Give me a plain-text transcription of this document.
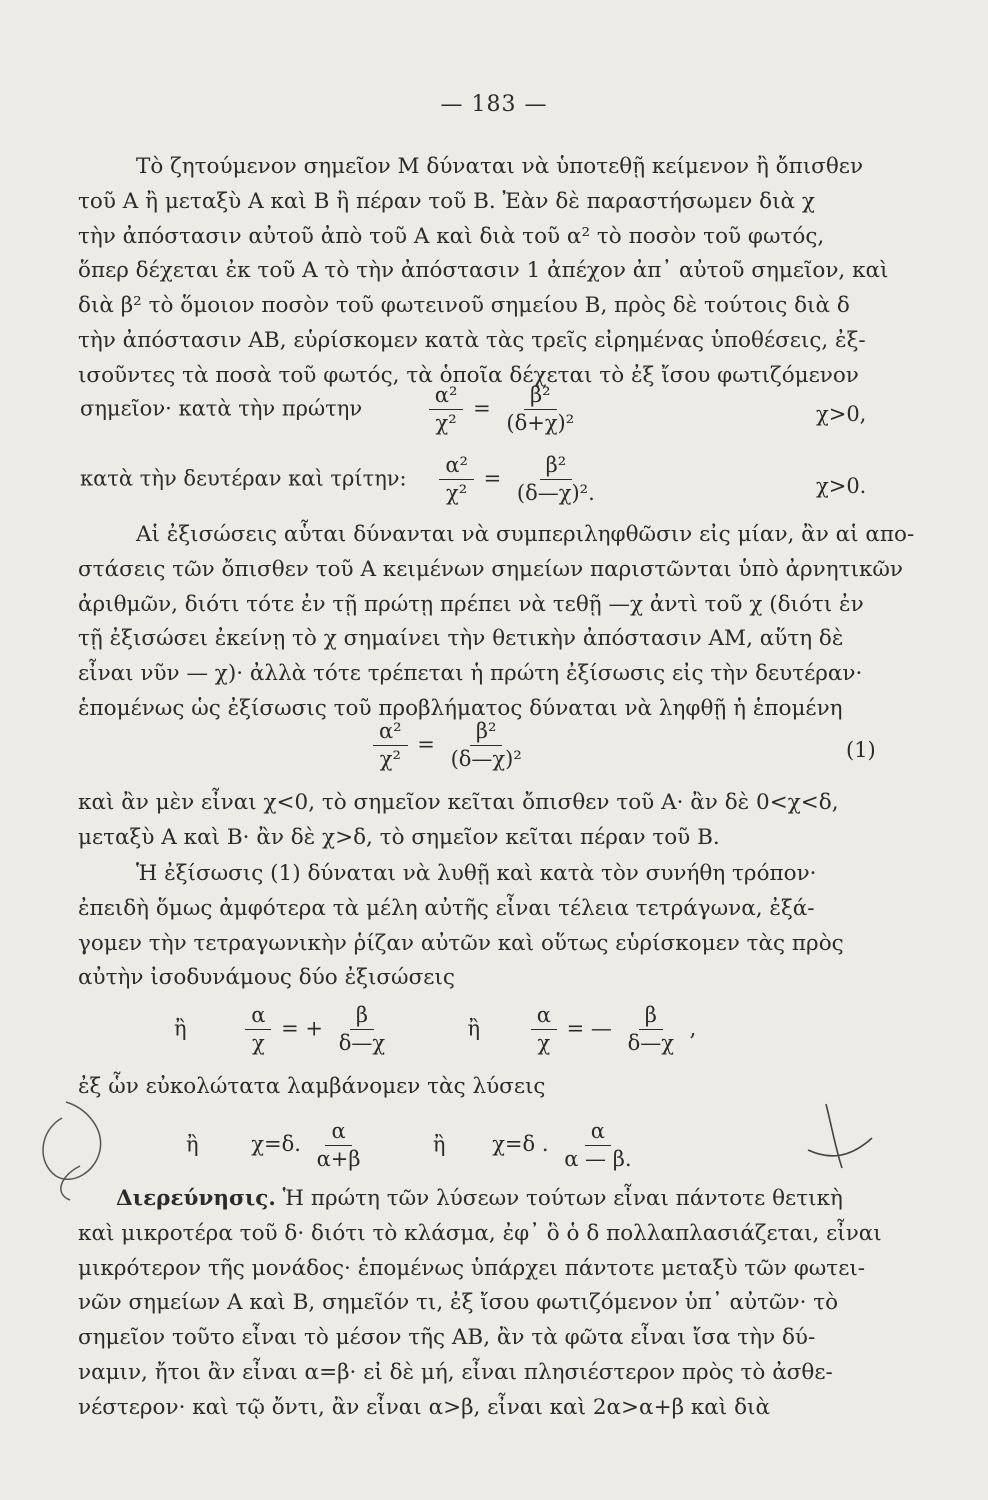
— 183 —
Τὸ ζητούμενον σημεῖον Μ δύναται νὰ ὑποτεθῇ κείμενον ἢ ὄπισθεν
τοῦ Α ἢ μεταξὺ Α καὶ Β ἢ πέραν τοῦ Β. Ἐὰν δὲ παραστήσωμεν διὰ χ
τὴν ἀπόστασιν αὐτοῦ ἀπὸ τοῦ Α καὶ διὰ τοῦ α² τὸ ποσὸν τοῦ φωτός,
ὅπερ δέχεται ἐκ τοῦ Α τὸ τὴν ἀπόστασιν 1 ἀπέχον ἀπ᾽ αὐτοῦ σημεῖον, καὶ
διὰ β² τὸ ὅμοιον ποσὸν τοῦ φωτεινοῦ σημείου Β, πρὸς δὲ τούτοις διὰ δ
τὴν ἀπόστασιν ΑΒ, εὑρίσκομεν κατὰ τὰς τρεῖς εἰρημένας ὑποθέσεις, ἐξ-
ισοῦντες τὰ ποσὰ τοῦ φωτός, τὰ ὁποῖα δέχεται τὸ ἐξ ἴσου φωτιζόμενον
σημεῖον· κατὰ τὴν πρώτην	$\frac{\text{α²}}{\text{χ²}} = \frac{\text{β²}}{\text{(δ+χ)²}}$	χ>0,
κατὰ τὴν δευτέραν καὶ τρίτην: $\frac{\text{α²}}{\text{χ²}} = \frac{\text{β²}}{\text{(δ—χ)².}}$	χ>0.
Αἱ ἐξισώσεις αὗται δύνανται νὰ συμπεριληφθῶσιν εἰς μίαν, ἂν αἱ απο-
στάσεις τῶν ὄπισθεν τοῦ Α κειμένων σημείων παριστῶνται ὑπὸ ἀρνητικῶν
ἀριθμῶν, διότι τότε ἐν τῇ πρώτῃ πρέπει νὰ τεθῇ —χ ἀντὶ τοῦ χ (διότι ἐν
τῇ ἐξισώσει ἐκείνῃ τὸ χ σημαίνει τὴν θετικὴν ἀπόστασιν ΑΜ, αὕτη δὲ
εἶναι νῦν — χ)· ἀλλὰ τότε τρέπεται ἡ πρώτη ἐξίσωσις εἰς τὴν δευτέραν·
ἑπομένως ὡς ἐξίσωσις τοῦ προβλήματος δύναται νὰ ληφθῇ ἡ ἑπομένη
$\frac{\text{α²}}{\text{χ²}} = \frac{\text{β²}}{\text{(δ—χ)²}}$	(1)
καὶ ἂν μὲν εἶναι χ<0, τὸ σημεῖον κεῖται ὄπισθεν τοῦ Α· ἂν δὲ 0<χ<δ,
μεταξὺ Α καὶ Β· ἂν δὲ χ>δ, τὸ σημεῖον κεῖται πέραν τοῦ Β.
Ἡ ἐξίσωσις (1) δύναται νὰ λυθῇ καὶ κατὰ τὸν συνήθη τρόπον·
ἐπειδὴ ὅμως ἀμφότερα τὰ μέλη αὐτῆς εἶναι τέλεια τετράγωνα, ἐξά-
γομεν τὴν τετραγωνικὴν ῥίζαν αὐτῶν καὶ οὕτως εὑρίσκομεν τὰς πρὸς
αὐτὴν ἰσοδυνάμους δύο ἐξισώσεις
ἢ	$\frac{\alpha}{\chi}$ = + $\frac{\beta}{\delta—\chi}$	ἢ $\frac{\alpha}{\chi}$ = — $\frac{\beta}{\delta—\chi}$ ,
ἐξ ὧν εὐκολώτατα λαμβάνομεν τὰς λύσεις
ἢ	χ=δ. $\frac{\alpha}{\alpha+\beta}$	ἢ χ=δ . $\frac{\alpha}{\alpha — \beta.}$
Διερεύνησις. Ἡ πρώτη τῶν λύσεων τούτων εἶναι πάντοτε θετικὴ
καὶ μικροτέρα τοῦ δ· διότι τὸ κλάσμα, ἐφ᾽ ὃ ὁ δ πολλαπλασιάζεται, εἶναι
μικρότερον τῆς μονάδος· ἑπομένως ὑπάρχει πάντοτε μεταξὺ τῶν φωτει-
νῶν σημείων Α καὶ Β, σημεῖόν τι, ἐξ ἴσου φωτιζόμενον ὑπ᾽ αὐτῶν· τὸ
σημεῖον τοῦτο εἶναι τὸ μέσον τῆς ΑΒ, ἂν τὰ φῶτα εἶναι ἴσα τὴν δύ-
ναμιν, ἤτοι ἂν εἶναι α=β· εἰ δὲ μή, εἶναι πλησιέστερον πρὸς τὸ ἀσθε-
νέστερον· καὶ τῷ ὄντι, ἂν εἶναι α>β, εἶναι καὶ 2α>α+β καὶ διὰ
